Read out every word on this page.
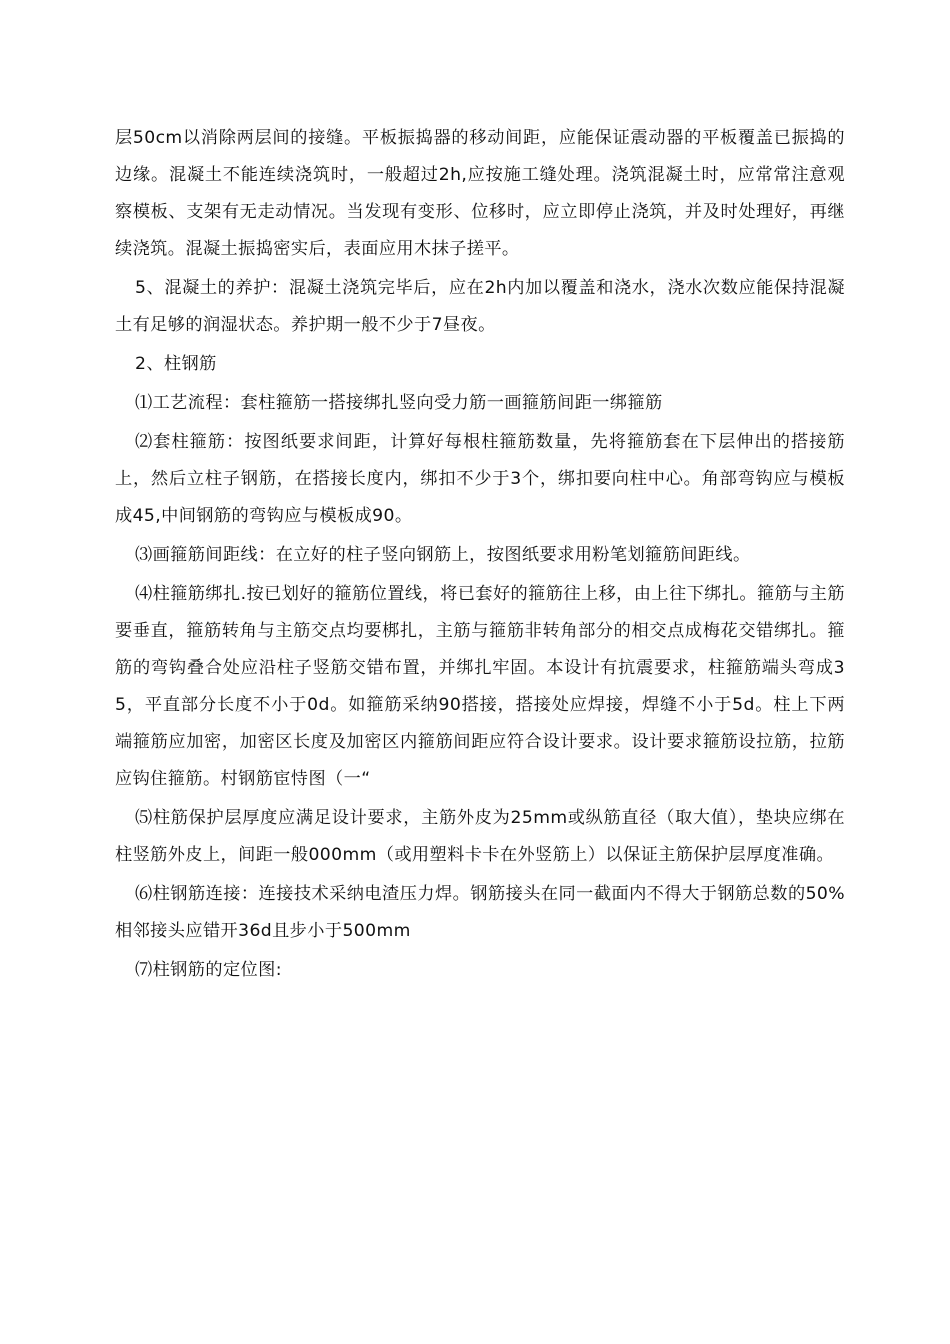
层50cm以消除两层间的接缝。平板振捣器的移动间距，应能保证震动器的平板覆盖已振捣的边缘。混凝土不能连续浇筑时，一般超过2h,应按施工缝处理。浇筑混凝土时，应常常注意观察模板、支架有无走动情况。当发现有变形、位移时，应立即停止浇筑，并及时处理好，再继续浇筑。混凝土振捣密实后，表面应用木抹子搓平。

5、混凝土的养护：混凝土浇筑完毕后，应在2h内加以覆盖和浇水，浇水次数应能保持混凝土有足够的润湿状态。养护期一般不少于7昼夜。

2、柱钢筋

⑴工艺流程：套柱箍筋一搭接绑扎竖向受力筋一画箍筋间距一绑箍筋

⑵套柱箍筋：按图纸要求间距，计算好每根柱箍筋数量，先将箍筋套在下层伸出的搭接筋上，然后立柱子钢筋，在搭接长度内，绑扣不少于3个，绑扣要向柱中心。角部弯钩应与模板成45,中间钢筋的弯钩应与模板成90。

⑶画箍筋间距线：在立好的柱子竖向钢筋上，按图纸要求用粉笔划箍筋间距线。

⑷柱箍筋绑扎.按已划好的箍筋位置线，将已套好的箍筋往上移，由上往下绑扎。箍筋与主筋要垂直，箍筋转角与主筋交点均要梆扎，主筋与箍筋非转角部分的相交点成梅花交错绑扎。箍筋的弯钩叠合处应沿柱子竖筋交错布置，并绑扎牢固。本设计有抗震要求，柱箍筋端头弯成35，平直部分长度不小于0d。如箍筋采纳90搭接，搭接处应焊接，焊缝不小于5d。柱上下两端箍筋应加密，加密区长度及加密区内箍筋间距应符合设计要求。设计要求箍筋设拉筋，拉筋应钩住箍筋。村钢筋宦恃图（一“

⑸柱筋保护层厚度应满足设计要求，主筋外皮为25mm或纵筋直径（取大值），垫块应绑在柱竖筋外皮上，间距一般000mm（或用塑料卡卡在外竖筋上）以保证主筋保护层厚度准确。

⑹柱钢筋连接：连接技术采纳电渣压力焊。钢筋接头在同一截面内不得大于钢筋总数的50%相邻接头应错开36d且步小于500mm

⑺柱钢筋的定位图:
